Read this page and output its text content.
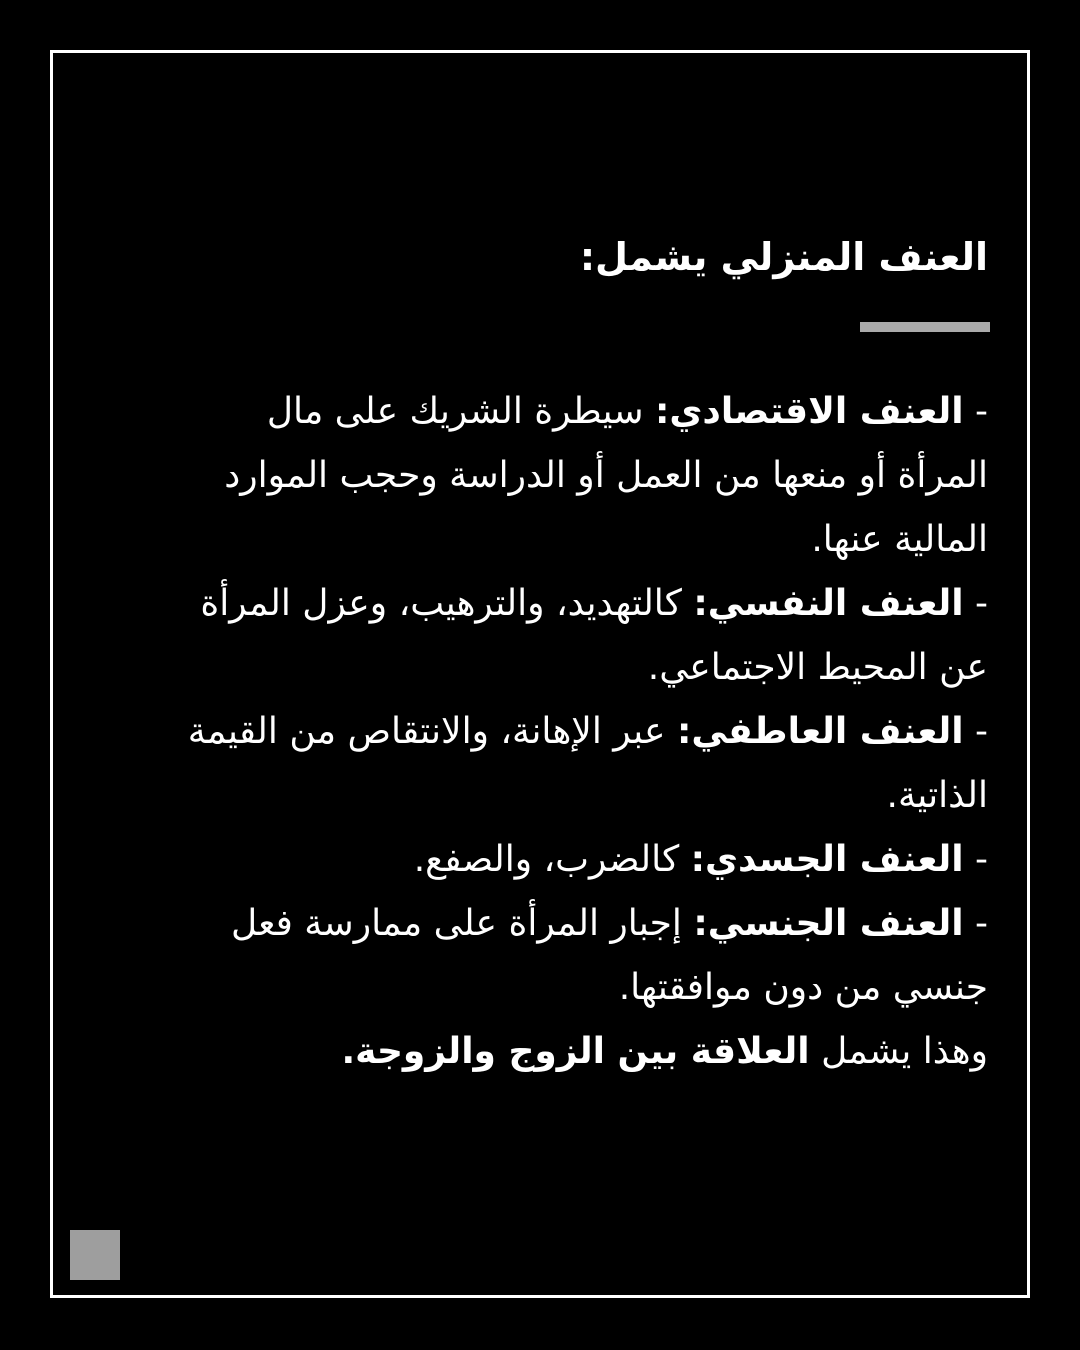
العنف المنزلي يشمل:

- العنف الاقتصادي: سيطرة الشريك على مال المرأة أو منعها من العمل أو الدراسة وحجب الموارد المالية عنها.

- العنف النفسي: كالتهديد، والترهيب، وعزل المرأة عن المحيط الاجتماعي.

- العنف العاطفي: عبر الإهانة، والانتقاص من القيمة الذاتية.

- العنف الجسدي: كالضرب، والصفع.

- العنف الجنسي: إجبار المرأة على ممارسة فعل جنسي من دون موافقتها.

وهذا يشمل العلاقة بين الزوج والزوجة.
